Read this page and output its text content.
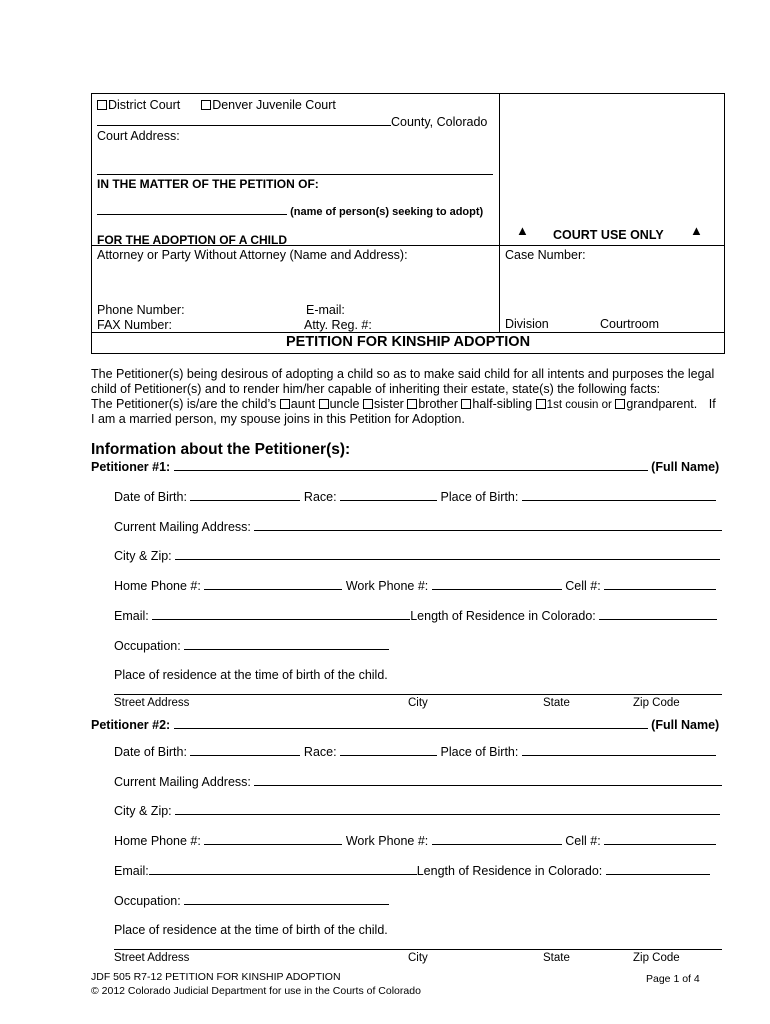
District Court	Denver Juvenile Court
County, Colorado
Court Address:
IN THE MATTER OF THE PETITION OF:
(name of person(s) seeking to adopt)
FOR THE ADOPTION OF A CHILD
Attorney or Party Without Attorney (Name and Address):
Phone Number:	E-mail:
FAX Number:	Atty. Reg. #:
▲ COURT USE ONLY ▲
Case Number:
Division	Courtroom
PETITION FOR KINSHIP ADOPTION
The Petitioner(s) being desirous of adopting a child so as to make said child for all intents and purposes the legal
child of Petitioner(s) and to render him/her capable of inheriting their estate, state(s) the following facts:
The Petitioner(s) is/are the child’s aunt uncle sister brother half-sibling 1st cousin or grandparent. If
I am a married person, my spouse joins in this Petition for Adoption.
Information about the Petitioner(s):
Petitioner #1:	(Full Name)
Date of Birth:	Race:	Place of Birth:
Current Mailing Address:
City & Zip:
Home Phone #:	Work Phone #:	Cell #:
Email:	Length of Residence in Colorado:
Occupation:
Place of residence at the time of birth of the child.
Street Address	City	State	Zip Code
Petitioner #2:	(Full Name)
Date of Birth:	Race:	Place of Birth:
Current Mailing Address:
City & Zip:
Home Phone #:	Work Phone #:	Cell #:
Email:	Length of Residence in Colorado:
Occupation:
Place of residence at the time of birth of the child.
Street Address	City	State	Zip Code
JDF 505 R7-12 PETITION FOR KINSHIP ADOPTION
© 2012 Colorado Judicial Department for use in the Courts of Colorado
Page 1 of 4
